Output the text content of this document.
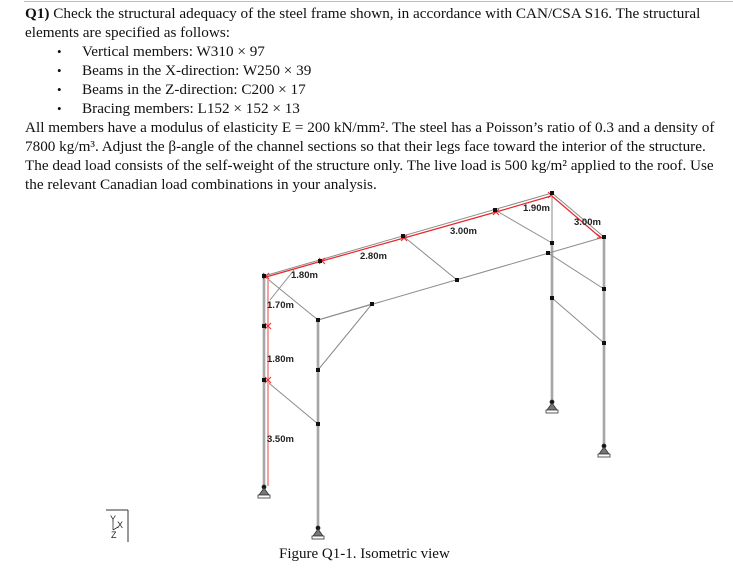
Q1) Check the structural adequacy of the steel frame shown, in accordance with CAN/CSA S16. The structural elements are specified as follows:

• Vertical members: W310 × 97
• Beams in the X-direction: W250 × 39
• Beams in the Z-direction: C200 × 17
• Bracing members: L152 × 152 × 13

All members have a modulus of elasticity E = 200 kN/mm². The steel has a Poisson’s ratio of 0.3 and a density of 7800 kg/m³. Adjust the β-angle of the channel sections so that their legs face toward the interior of the structure. The dead load consists of the self-weight of the structure only. The live load is 500 kg/m² applied to the roof. Use the relevant Canadian load combinations in your analysis.

1.80m
2.80m
3.00m
1.90m
3.00m
1.70m
1.80m
3.50m
Y
X
Z
Figure Q1-1. Isometric view
